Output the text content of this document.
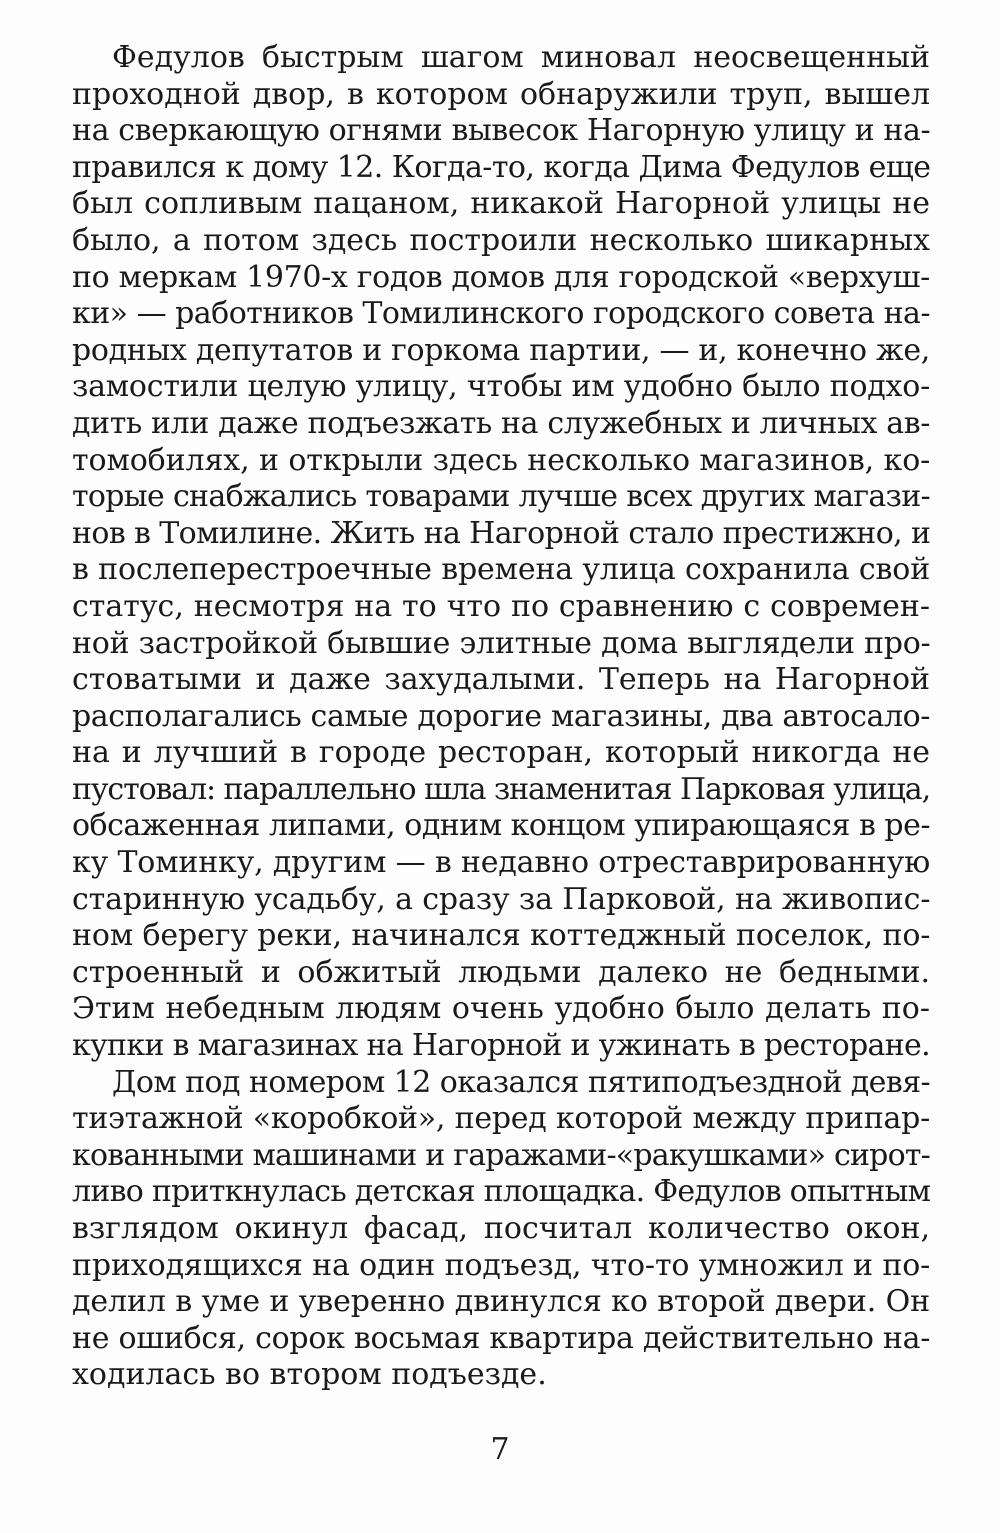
Федулов быстрым шагом миновал неосвещенный
проходной двор, в котором обнаружили труп, вышел
на сверкающую огнями вывесок Нагорную улицу и на-
правился к дому 12. Когда-то, когда Дима Федулов еще
был сопливым пацаном, никакой Нагорной улицы не
было, а потом здесь построили несколько шикарных
по меркам 1970-х годов домов для городской «верхуш-
ки» — работников Томилинского городского совета на-
родных депутатов и горкома партии, — и, конечно же,
замостили целую улицу, чтобы им удобно было подхо-
дить или даже подъезжать на служебных и личных ав-
томобилях, и открыли здесь несколько магазинов, ко-
торые снабжались товарами лучше всех других магази-
нов в Томилине. Жить на Нагорной стало престижно, и
в послеперестроечные времена улица сохранила свой
статус, несмотря на то что по сравнению с современ-
ной застройкой бывшие элитные дома выглядели про-
стоватыми и даже захудалыми. Теперь на Нагорной
располагались самые дорогие магазины, два автосало-
на и лучший в городе ресторан, который никогда не
пустовал: параллельно шла знаменитая Парковая улица,
обсаженная липами, одним концом упирающаяся в ре-
ку Томинку, другим — в недавно отреставрированную
старинную усадьбу, а сразу за Парковой, на живопис-
ном берегу реки, начинался коттеджный поселок, по-
строенный и обжитый людьми далеко не бедными.
Этим небедным людям очень удобно было делать по-
купки в магазинах на Нагорной и ужинать в ресторане.
Дом под номером 12 оказался пятиподъездной девя-
тиэтажной «коробкой», перед которой между припар-
кованными машинами и гаражами-«ракушками» сирот-
ливо приткнулась детская площадка. Федулов опытным
взглядом окинул фасад, посчитал количество окон,
приходящихся на один подъезд, что-то умножил и по-
делил в уме и уверенно двинулся ко второй двери. Он
не ошибся, сорок восьмая квартира действительно на-
ходилась во втором подъезде.
7
